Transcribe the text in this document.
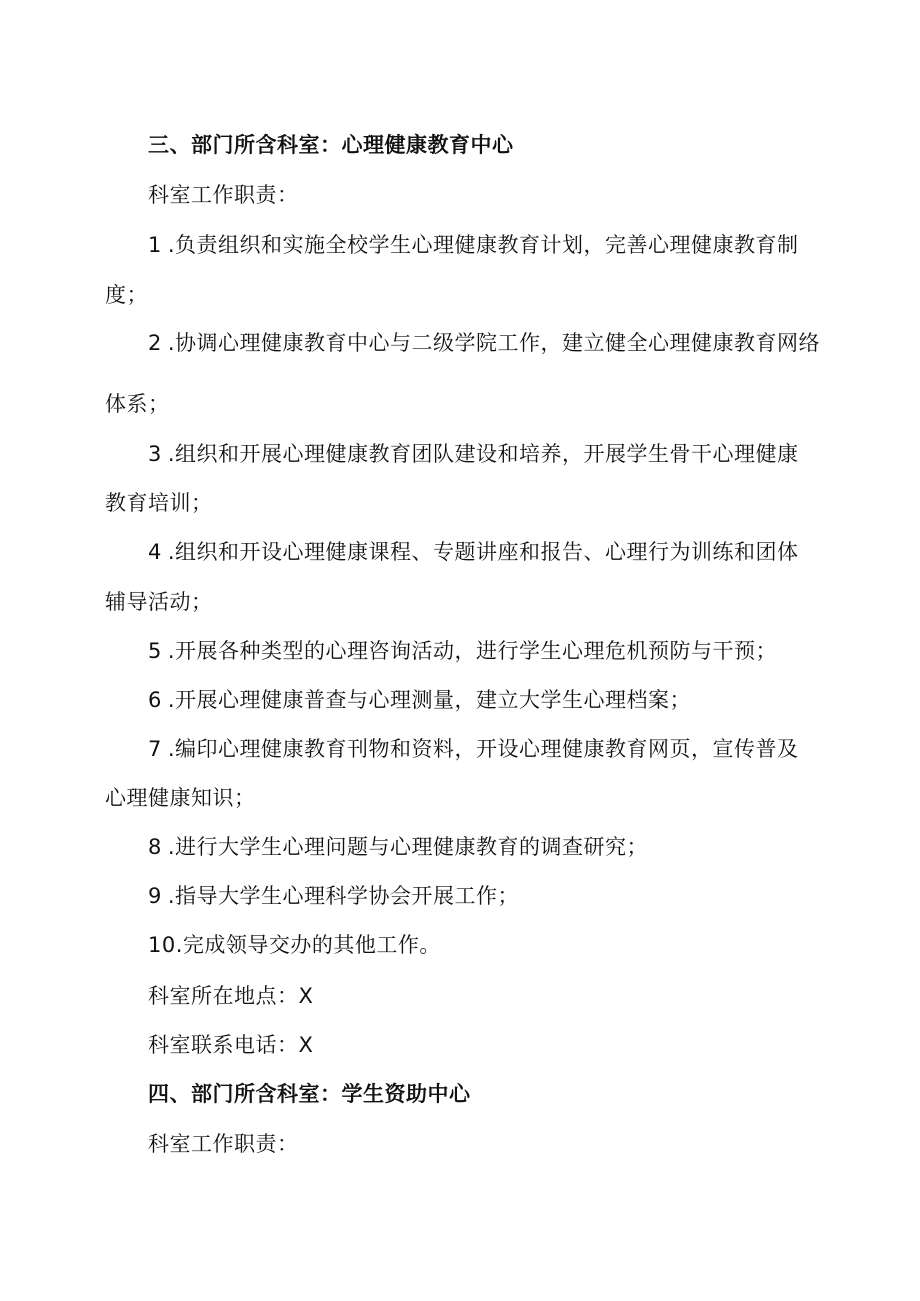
三、部门所含科室：心理健康教育中心
科室工作职责：
1 .负责组织和实施全校学生心理健康教育计划，完善心理健康教育制
度；
2 .协调心理健康教育中心与二级学院工作，建立健全心理健康教育网络
体系；
3 .组织和开展心理健康教育团队建设和培养，开展学生骨干心理健康
教育培训；
4 .组织和开设心理健康课程、专题讲座和报告、心理行为训练和团体
辅导活动；
5 .开展各种类型的心理咨询活动，进行学生心理危机预防与干预；
6 .开展心理健康普查与心理测量，建立大学生心理档案；
7 .编印心理健康教育刊物和资料，开设心理健康教育网页，宣传普及
心理健康知识；
8 .进行大学生心理问题与心理健康教育的调查研究；
9 .指导大学生心理科学协会开展工作；
10.完成领导交办的其他工作。
科室所在地点：X
科室联系电话：X
四、部门所含科室：学生资助中心
科室工作职责：
